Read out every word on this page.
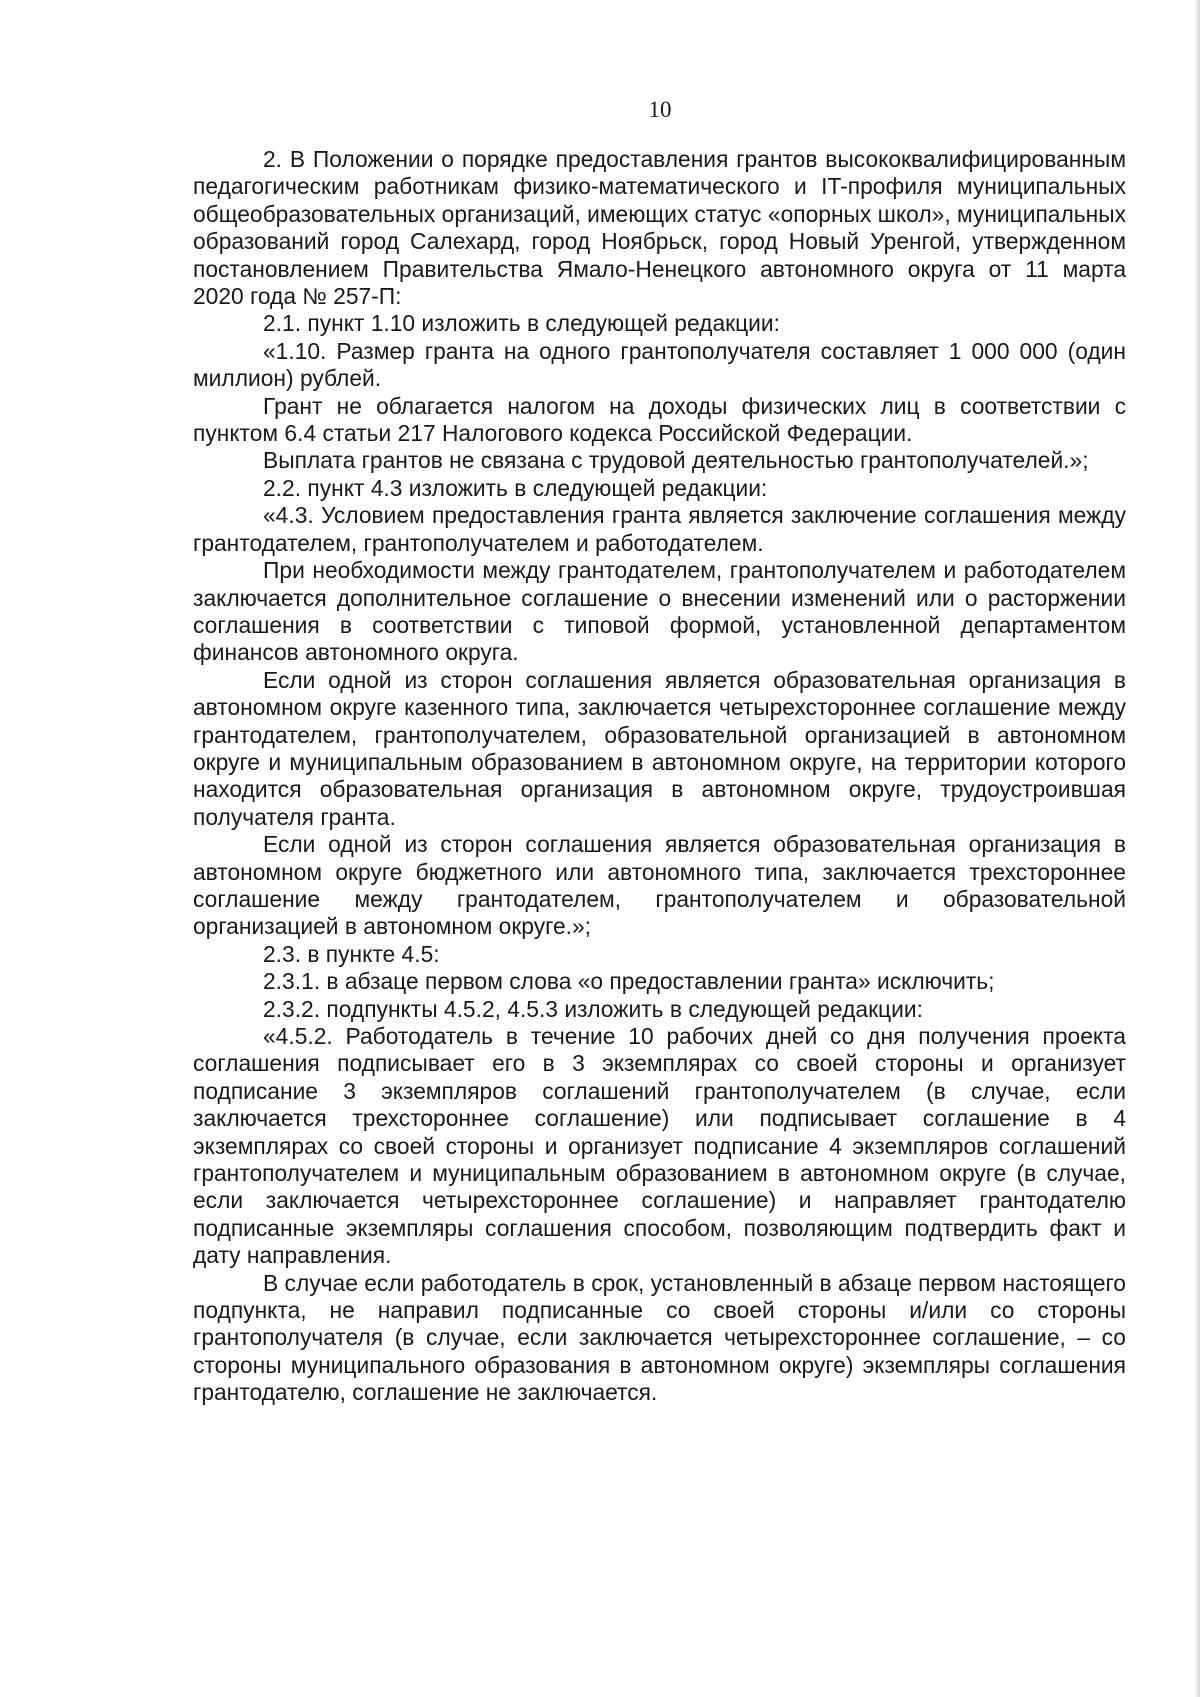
10

2. В Положении о порядке предоставления грантов высококвалифицированным педагогическим работникам физико-математического и IT-профиля муниципальных общеобразовательных организаций, имеющих статус «опорных школ», муниципальных образований город Салехард, город Ноябрьск, город Новый Уренгой, утвержденном постановлением Правительства Ямало-Ненецкого автономного округа от 11 марта 2020 года № 257-П:

2.1. пункт 1.10 изложить в следующей редакции:

«1.10. Размер гранта на одного грантополучателя составляет 1 000 000 (один миллион) рублей.

Грант не облагается налогом на доходы физических лиц в соответствии с пунктом 6.4 статьи 217 Налогового кодекса Российской Федерации.

Выплата грантов не связана с трудовой деятельностью грантополучателей.»;

2.2. пункт 4.3 изложить в следующей редакции:

«4.3. Условием предоставления гранта является заключение соглашения между грантодателем, грантополучателем и работодателем.

При необходимости между грантодателем, грантополучателем и работодателем заключается дополнительное соглашение о внесении изменений или о расторжении соглашения в соответствии с типовой формой, установленной департаментом финансов автономного округа.

Если одной из сторон соглашения является образовательная организация в автономном округе казенного типа, заключается четырехстороннее соглашение между грантодателем, грантополучателем, образовательной организацией в автономном округе и муниципальным образованием в автономном округе, на территории которого находится образовательная организация в автономном округе, трудоустроившая получателя гранта.

Если одной из сторон соглашения является образовательная организация в автономном округе бюджетного или автономного типа, заключается трехстороннее соглашение между грантодателем, грантополучателем и образовательной организацией в автономном округе.»;

2.3. в пункте 4.5:

2.3.1. в абзаце первом слова «о предоставлении гранта» исключить;

2.3.2. подпункты 4.5.2, 4.5.3 изложить в следующей редакции:

«4.5.2. Работодатель в течение 10 рабочих дней со дня получения проекта соглашения подписывает его в 3 экземплярах со своей стороны и организует подписание 3 экземпляров соглашений грантополучателем (в случае, если заключается трехстороннее соглашение) или подписывает соглашение в 4 экземплярах со своей стороны и организует подписание 4 экземпляров соглашений грантополучателем и муниципальным образованием в автономном округе (в случае, если заключается четырехстороннее соглашение) и направляет грантодателю подписанные экземпляры соглашения способом, позволяющим подтвердить факт и дату направления.

В случае если работодатель в срок, установленный в абзаце первом настоящего подпункта, не направил подписанные со своей стороны и/или со стороны грантополучателя (в случае, если заключается четырехстороннее соглашение, – со стороны муниципального образования в автономном округе) экземпляры соглашения грантодателю, соглашение не заключается.
